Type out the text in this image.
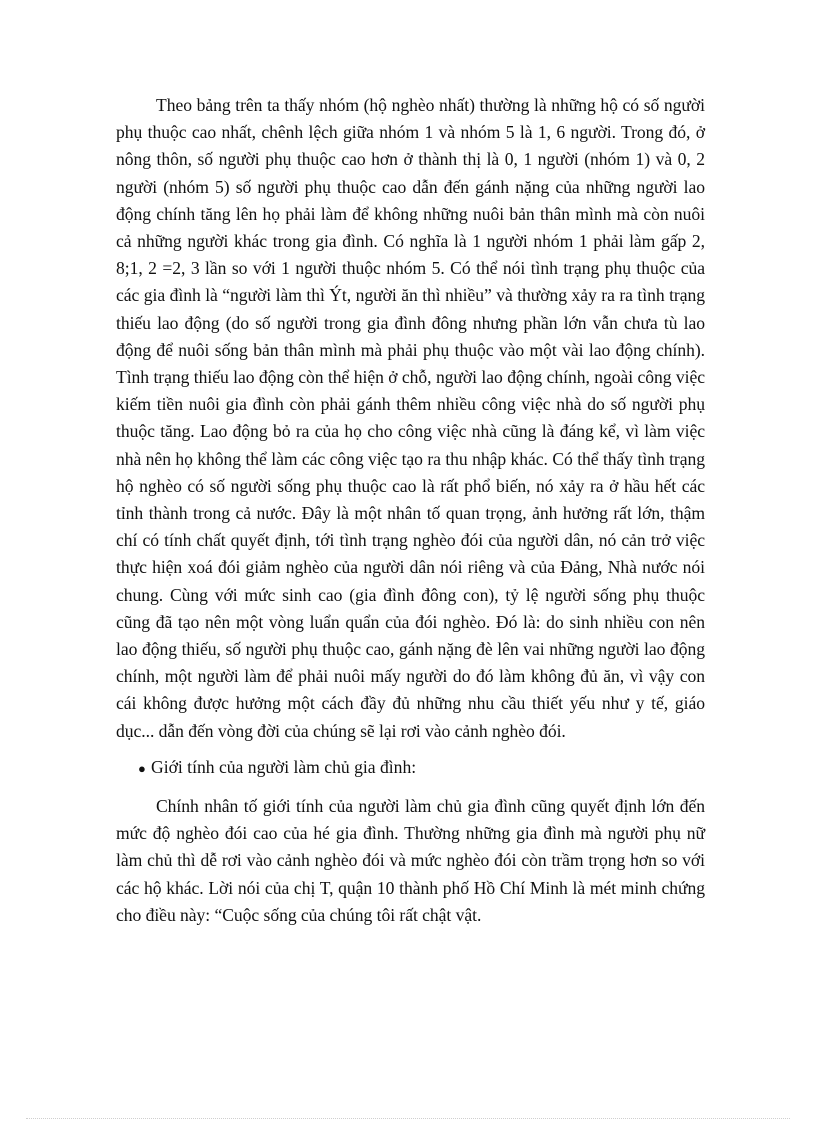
Theo bảng trên ta thấy nhóm (hộ nghèo nhất) thường là những hộ có số người phụ thuộc cao nhất, chênh lệch giữa nhóm 1 và nhóm 5 là 1, 6 người. Trong đó, ở nông thôn, số người phụ thuộc cao hơn ở thành thị là 0, 1 người (nhóm 1) và 0, 2 người (nhóm 5) số người phụ thuộc cao dẫn đến gánh nặng của những người lao động chính tăng lên họ phải làm để không những nuôi bản thân mình mà còn nuôi cả những người khác trong gia đình. Có nghĩa là 1 người nhóm 1 phải làm gấp 2, 8;1, 2 =2, 3 lần so với 1 người thuộc nhóm 5. Có thể nói tình trạng phụ thuộc của các gia đình là “người làm thì Ýt, người ăn thì nhiều” và thường xảy ra ra tình trạng thiếu lao động (do số người trong gia đình đông nhưng phần lớn vẫn chưa tù lao động để nuôi sống bản thân mình mà phải phụ thuộc vào một vài lao động chính). Tình trạng thiếu lao động còn thể hiện ở chỗ, người lao động chính, ngoài công việc kiếm tiền nuôi gia đình còn phải gánh thêm nhiều công việc nhà do số người phụ thuộc tăng. Lao động bỏ ra của họ cho công việc nhà cũng là đáng kể, vì làm việc nhà nên họ không thể làm các công việc tạo ra thu nhập khác. Có thể thấy tình trạng hộ nghèo có số người sống phụ thuộc cao là rất phổ biến, nó xảy ra ở hầu hết các tỉnh thành trong cả nước. Đây là một nhân tố quan trọng, ảnh hưởng rất lớn, thậm chí có tính chất quyết định, tới tình trạng nghèo đói của người dân, nó cản trở việc thực hiện xoá đói giảm nghèo của người dân nói riêng và của Đảng, Nhà nước nói chung. Cùng với mức sinh cao (gia đình đông con), tỷ lệ người sống phụ thuộc cũng đã tạo nên một vòng luẩn quẩn của đói nghèo. Đó là: do sinh nhiều con nên lao động thiếu, số người phụ thuộc cao, gánh nặng đè lên vai những người lao động chính, một người làm để phải nuôi mấy người do đó làm không đủ ăn, vì vậy con cái không được hưởng một cách đầy đủ những nhu cầu thiết yếu như y tế, giáo dục... dẫn đến vòng đời của chúng sẽ lại rơi vào cảnh nghèo đói.

● Giới tính của người làm chủ gia đình:

Chính nhân tố giới tính của người làm chủ gia đình cũng quyết định lớn đến mức độ nghèo đói cao của hé gia đình. Thường những gia đình mà người phụ nữ làm chủ thì dễ rơi vào cảnh nghèo đói và mức nghèo đói còn trầm trọng hơn so với các hộ khác. Lời nói của chị T, quận 10 thành phố Hồ Chí Minh là mét minh chứng cho điều này: “Cuộc sống của chúng tôi rất chật vật.
